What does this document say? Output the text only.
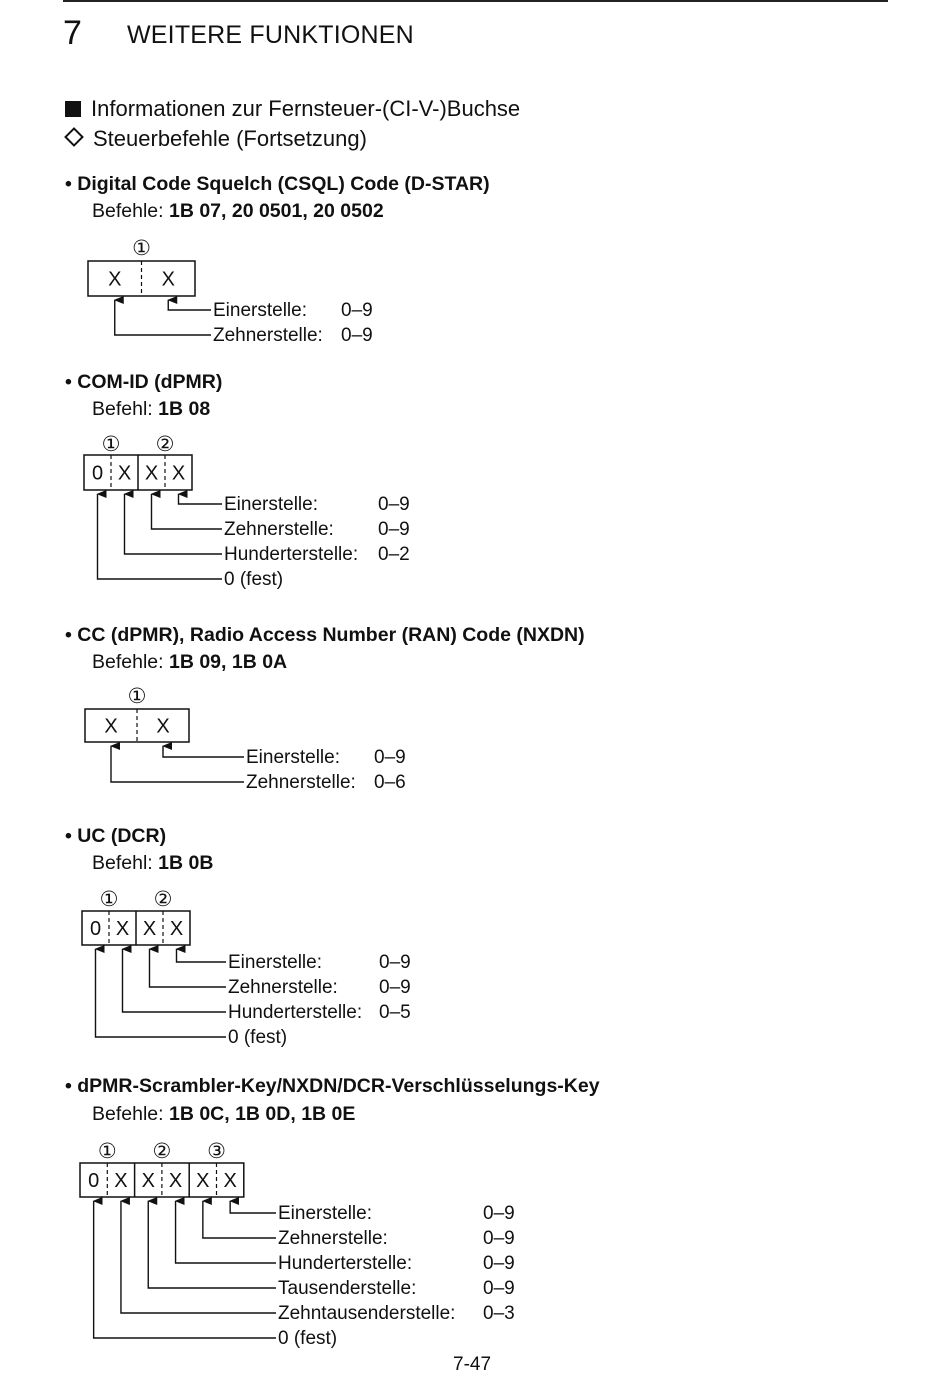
7 WEITERE FUNKTIONEN
Informationen zur Fernsteuer-(CI-V-)Buchse
Steuerbefehle (Fortsetzung)
• Digital Code Squelch (CSQL) Code (D-STAR)
Befehle: 1B 07, 20 0501, 20 0502
• COM-ID (dPMR)
Befehl: 1B 08
• CC (dPMR), Radio Access Number (RAN) Code (NXDN)
Befehle: 1B 09, 1B 0A
• UC (DCR)
Befehl: 1B 0B
• dPMR-Scrambler-Key/NXDN/DCR-Verschlüsselungs-Key
Befehle: 1B 0C, 1B 0D, 1B 0E
X X
①
Einerstelle: 0–9
Zehnerstelle: 0–9
0 X X X
① ②
Einerstelle:	0–9
Zehnerstelle: 0–9
Hunderterstelle: 0–2
0 (fest)
X X
①
Einerstelle: 0–9
Zehnerstelle: 0–6
0 X X X
① ②
Einerstelle:	0–9
Zehnerstelle: 0–9
Hunderterstelle: 0–5
0 (fest)
0 X X X X X
① ② ③
Einerstelle:	0–9
Zehnerstelle:	0–9
Hunderterstelle:	0–9
Tausenderstelle:	0–9
Zehntausenderstelle: 0–3
0 (fest)
7-47
